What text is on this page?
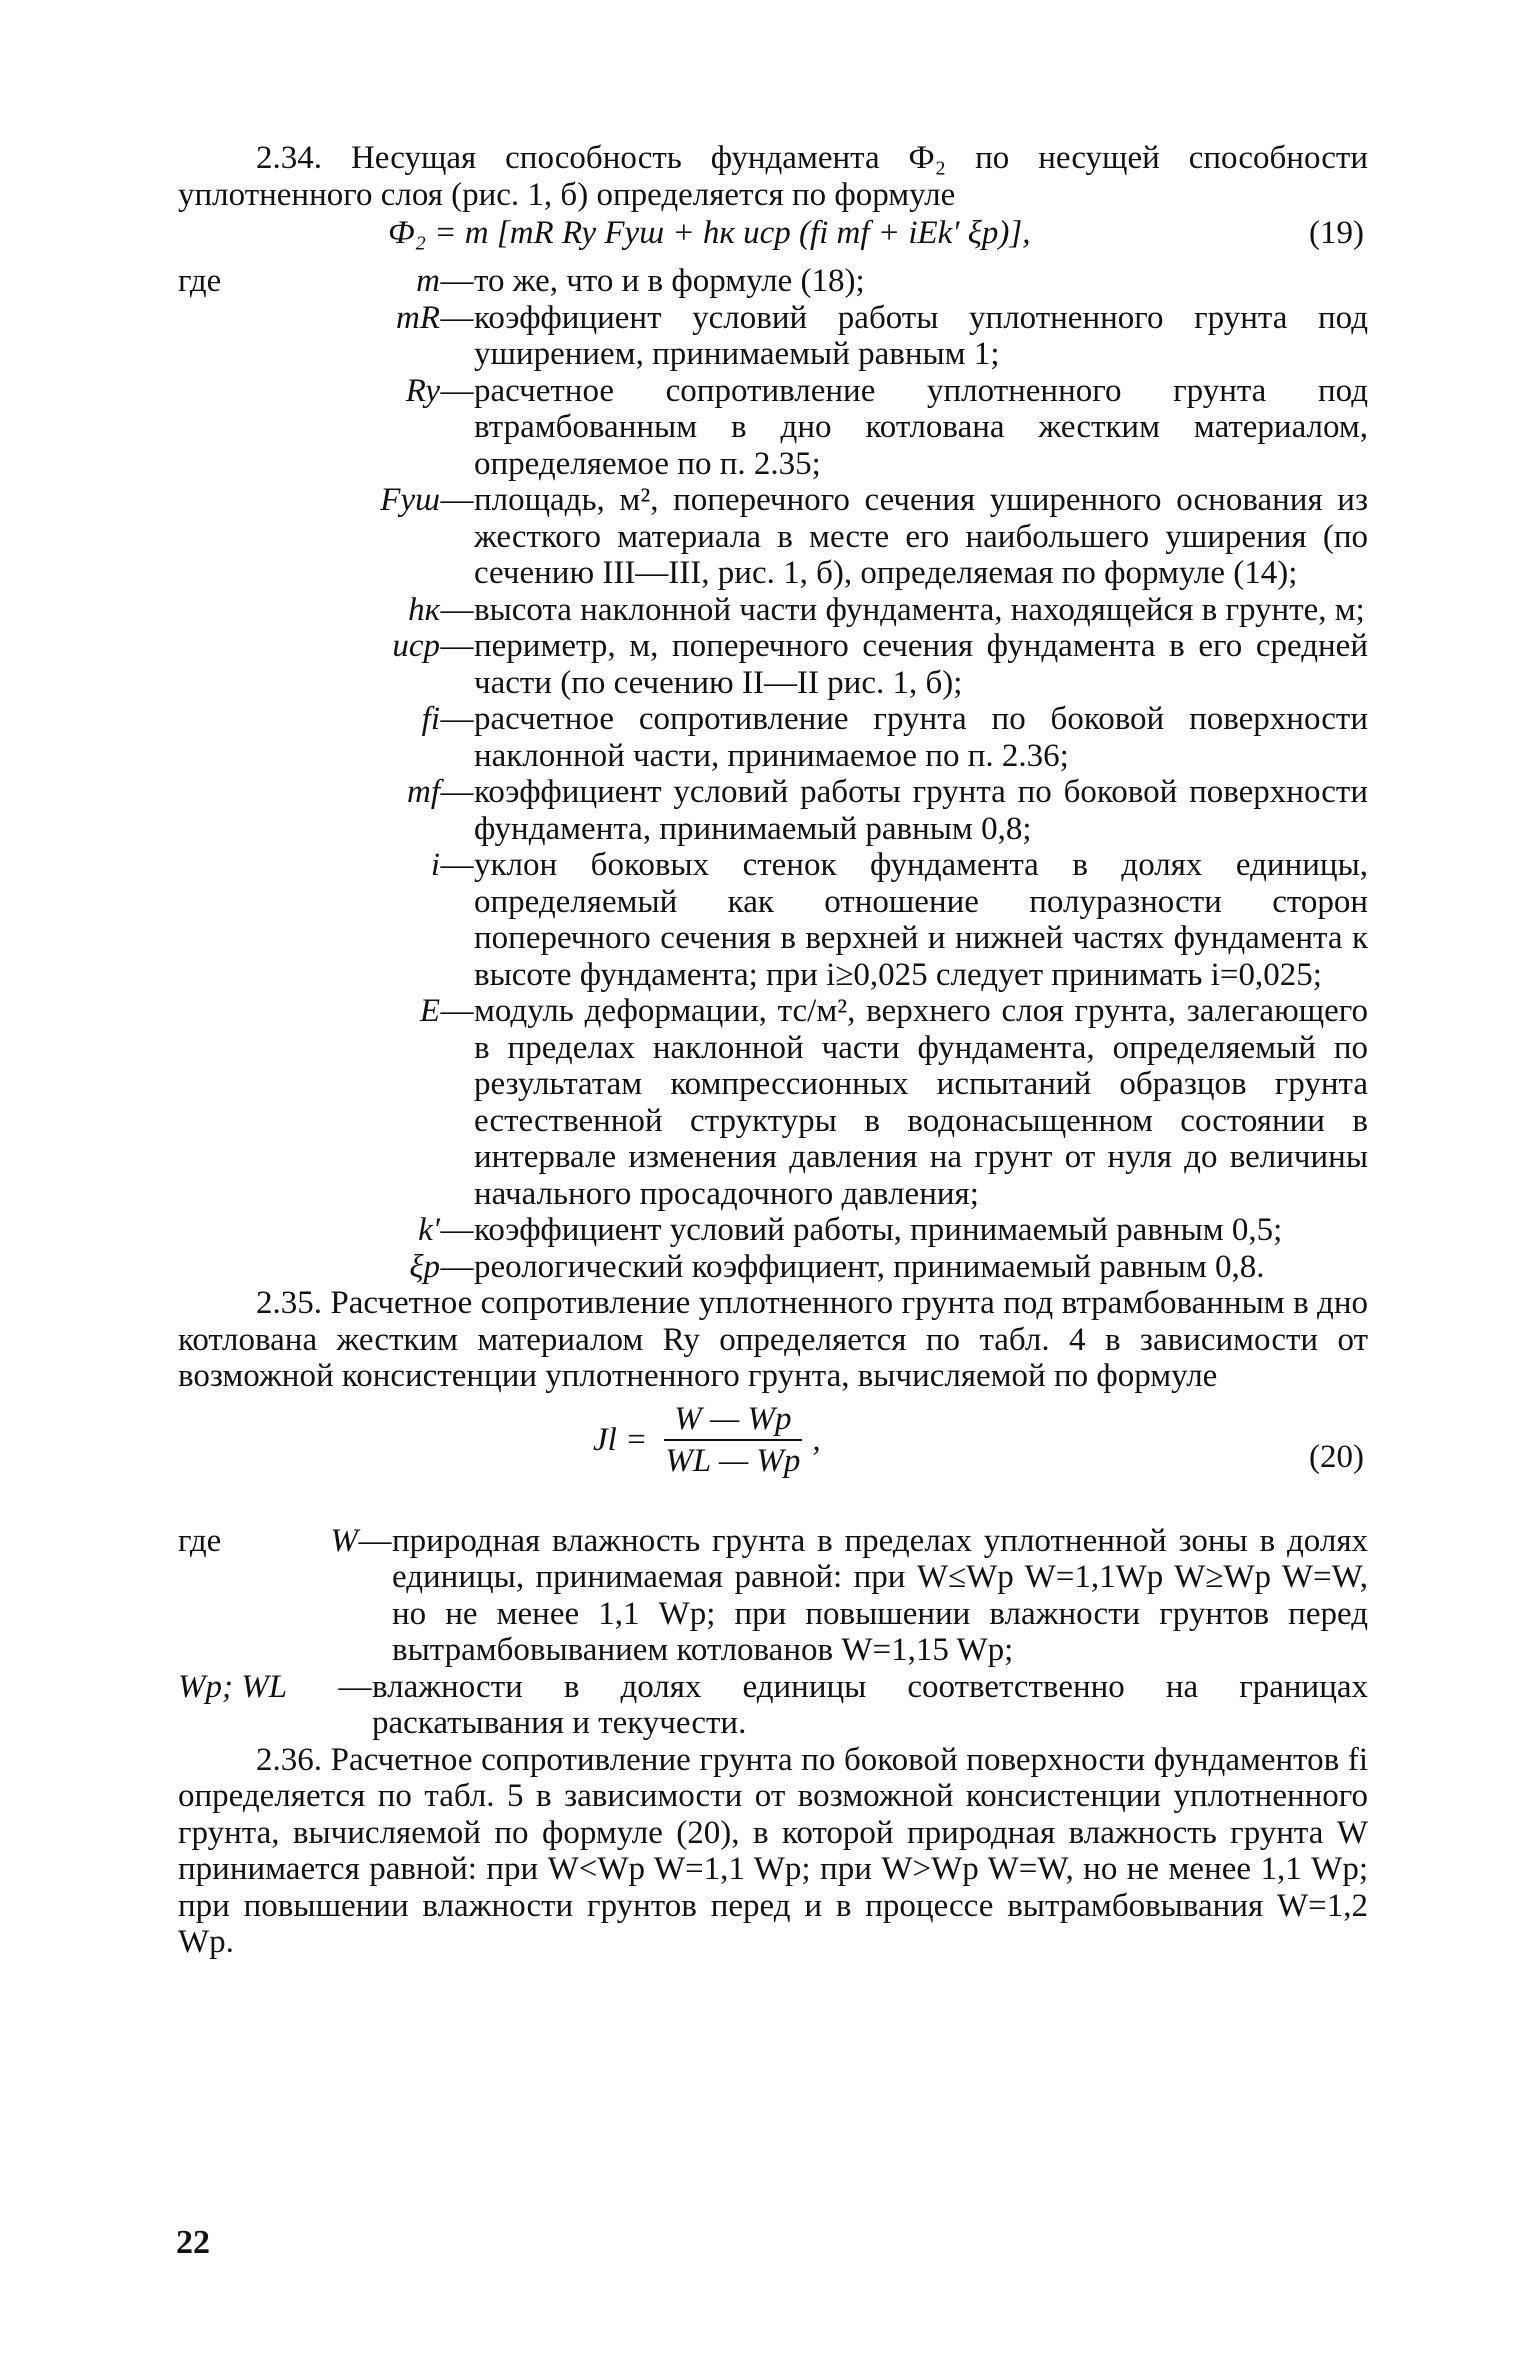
2.34. Несущая способность фундамента Ф₂ по несущей способности уплотненного слоя (рис. 1, б) определяется по формуле

Ф₂ = m [mR Ry Fуш + hк uср (fi mf + iEk′ ξр)],	(19)
где	m — то же, что и в формуле (18);
mR — коэффициент условий работы уплотненного грунта под уширением, принимаемый равным 1;
Ry — расчетное сопротивление уплотненного грунта под втрамбованным в дно котлована жестким материалом, определяемое по п. 2.35;
Fуш — площадь, м², поперечного сечения уширенного основания из жесткого материала в месте его наибольшего уширения (по сечению III—III, рис. 1, б), определяемая по формуле (14);
hк — высота наклонной части фундамента, находящейся в грунте, м;
uср — периметр, м, поперечного сечения фундамента в его средней части (по сечению II—II рис. 1, б);
fi — расчетное сопротивление грунта по боковой поверхности наклонной части, принимаемое по п. 2.36;
mf — коэффициент условий работы грунта по боковой поверхности фундамента, принимаемый равным 0,8;
i — уклон боковых стенок фундамента в долях единицы, определяемый как отношение полуразности сторон поперечного сечения в верхней и нижней частях фундамента к высоте фундамента; при i≥0,025 следует принимать i=0,025;
E — модуль деформации, тс/м², верхнего слоя грунта, залегающего в пределах наклонной части фундамента, определяемый по результатам компрессионных испытаний образцов грунта естественной структуры в водонасыщенном состоянии в интервале изменения давления на грунт от нуля до величины начального просадочного давления;
k′ — коэффициент условий работы, принимаемый равным 0,5;
ξр — реологический коэффициент, принимаемый равным 0,8.

2.35. Расчетное сопротивление уплотненного грунта под втрамбованным в дно котлована жестким материалом Ry определяется по табл. 4 в зависимости от возможной консистенции уплотненного грунта, вычисляемой по формуле

$Jl = \frac{W — Wp}{WL — Wp}$ ,	(20)
где	W — природная влажность грунта в пределах уплотненной зоны в долях единицы, принимаемая равной: при W≤Wp W=1,1Wp W≥Wp W=W, но не менее 1,1 Wp; при повышении влажности грунтов перед вытрамбовыванием котлованов W=1,15 Wp;
Wp; WL	— влажности в долях единицы соответственно на границах раскатывания и текучести.

2.36. Расчетное сопротивление грунта по боковой поверхности фундаментов fi определяется по табл. 5 в зависимости от возможной консистенции уплотненного грунта, вычисляемой по формуле (20), в которой природная влажность грунта W принимается равной: при W<Wp W=1,1 Wp; при W>Wp W=W, но не менее 1,1 Wp; при повышении влажности грунтов перед и в процессе вытрамбовывания W=1,2 Wp.

22
